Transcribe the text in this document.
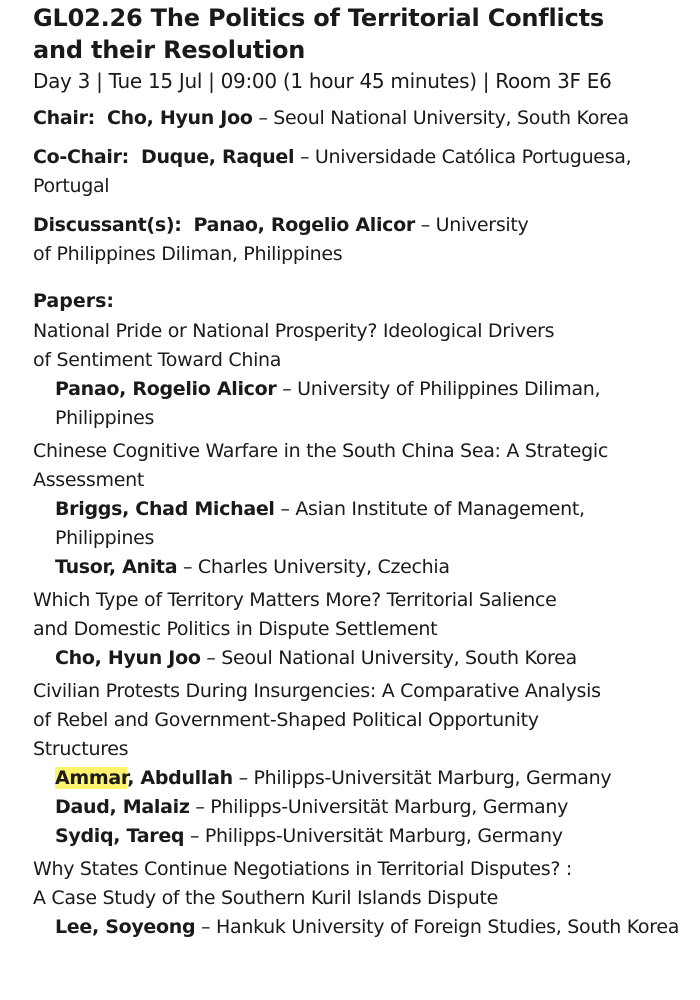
GL02.26 The Politics of Territorial Conflicts
and their Resolution
Day 3 | Tue 15 Jul | 09:00 (1 hour 45 minutes) | Room 3F E6
Chair: Cho, Hyun Joo – Seoul National University, South Korea
Co-Chair: Duque, Raquel – Universidade Católica Portuguesa,
Portugal
Discussant(s): Panao, Rogelio Alicor – University
of Philippines Diliman, Philippines
Papers:
National Pride or National Prosperity? Ideological Drivers
of Sentiment Toward China
Panao, Rogelio Alicor – University of Philippines Diliman,
Philippines
Chinese Cognitive Warfare in the South China Sea: A Strategic
Assessment
Briggs, Chad Michael – Asian Institute of Management,
Philippines
Tusor, Anita – Charles University, Czechia
Which Type of Territory Matters More? Territorial Salience
and Domestic Politics in Dispute Settlement
Cho, Hyun Joo – Seoul National University, South Korea
Civilian Protests During Insurgencies: A Comparative Analysis
of Rebel and Government-Shaped Political Opportunity
Structures
Ammar, Abdullah – Philipps-Universität Marburg, Germany
Daud, Malaiz – Philipps-Universität Marburg, Germany
Sydiq, Tareq – Philipps-Universität Marburg, Germany
Why States Continue Negotiations in Territorial Disputes? :
A Case Study of the Southern Kuril Islands Dispute
Lee, Soyeong – Hankuk University of Foreign Studies, South Korea
